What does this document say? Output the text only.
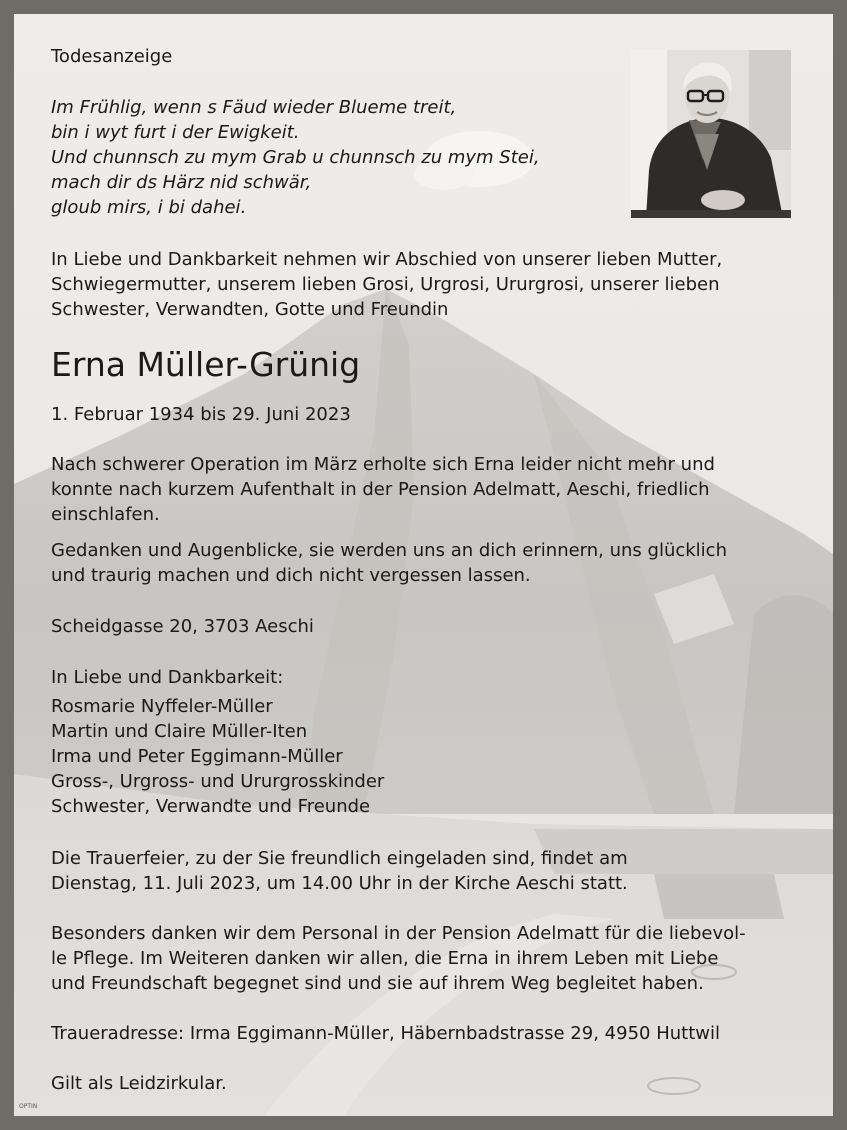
Todesanzeige

Im Frühlig, wenn s Fäud wieder Blueme treit,

bin i wyt furt i der Ewigkeit.

Und chunnsch zu mym Grab u chunnsch zu mym Stei,

mach dir ds Härz nid schwär,

gloub mirs, i bi dahei.

In Liebe und Dankbarkeit nehmen wir Abschied von unserer lieben Mutter,

Schwiegermutter, unserem lieben Grosi, Urgrosi, Ururgrosi, unserer lieben

Schwester, Verwandten, Gotte und Freundin

Erna Müller-Grünig

1. Februar 1934 bis 29. Juni 2023

Nach schwerer Operation im März erholte sich Erna leider nicht mehr und

konnte nach kurzem Aufenthalt in der Pension Adelmatt, Aeschi, friedlich

einschlafen.

Gedanken und Augenblicke, sie werden uns an dich erinnern, uns glücklich

und traurig machen und dich nicht vergessen lassen.

Scheidgasse 20, 3703 Aeschi

In Liebe und Dankbarkeit:

Rosmarie Nyffeler-Müller

Martin und Claire Müller-Iten

Irma und Peter Eggimann-Müller

Gross-, Urgross- und Ururgrosskinder

Schwester, Verwandte und Freunde

Die Trauerfeier, zu der Sie freundlich eingeladen sind, findet am

Dienstag, 11. Juli 2023, um 14.00 Uhr in der Kirche Aeschi statt.

Besonders danken wir dem Personal in der Pension Adelmatt für die liebevol-

le Pflege. Im Weiteren danken wir allen, die Erna in ihrem Leben mit Liebe

und Freundschaft begegnet sind und sie auf ihrem Weg begleitet haben.

Traueradresse: Irma Eggimann-Müller, Häbernbadstrasse 29, 4950 Huttwil

Gilt als Leidzirkular.

OPTIN
